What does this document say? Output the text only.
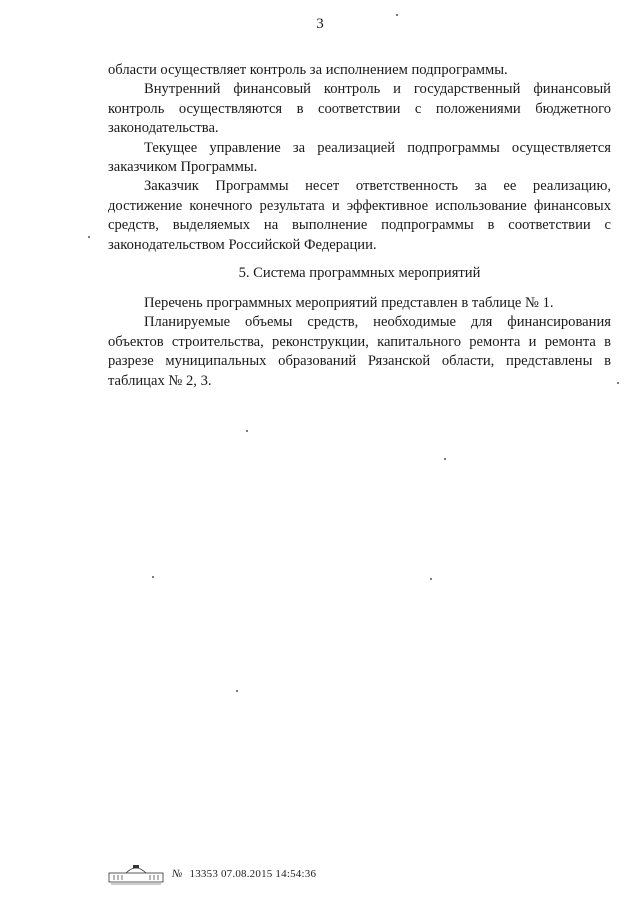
3

области осуществляет контроль за исполнением подпрограммы.

Внутренний финансовый контроль и государственный финансовый контроль осуществляются в соответствии с положениями бюджетного законодательства.

Текущее управление за реализацией подпрограммы осуществляется заказчиком Программы.

Заказчик Программы несет ответственность за ее реализацию, достижение конечного результата и эффективное использование финансовых средств, выделяемых на выполнение подпрограммы в соответствии с законодательством Российской Федерации.

5. Система программных мероприятий

Перечень программных мероприятий представлен в таблице № 1.

Планируемые объемы средств, необходимые для финансирования объектов строительства, реконструкции, капитального ремонта и ремонта в разрезе муниципальных образований Рязанской области, представлены в таблицах № 2, 3.

№ 13353 07.08.2015 14:54:36
